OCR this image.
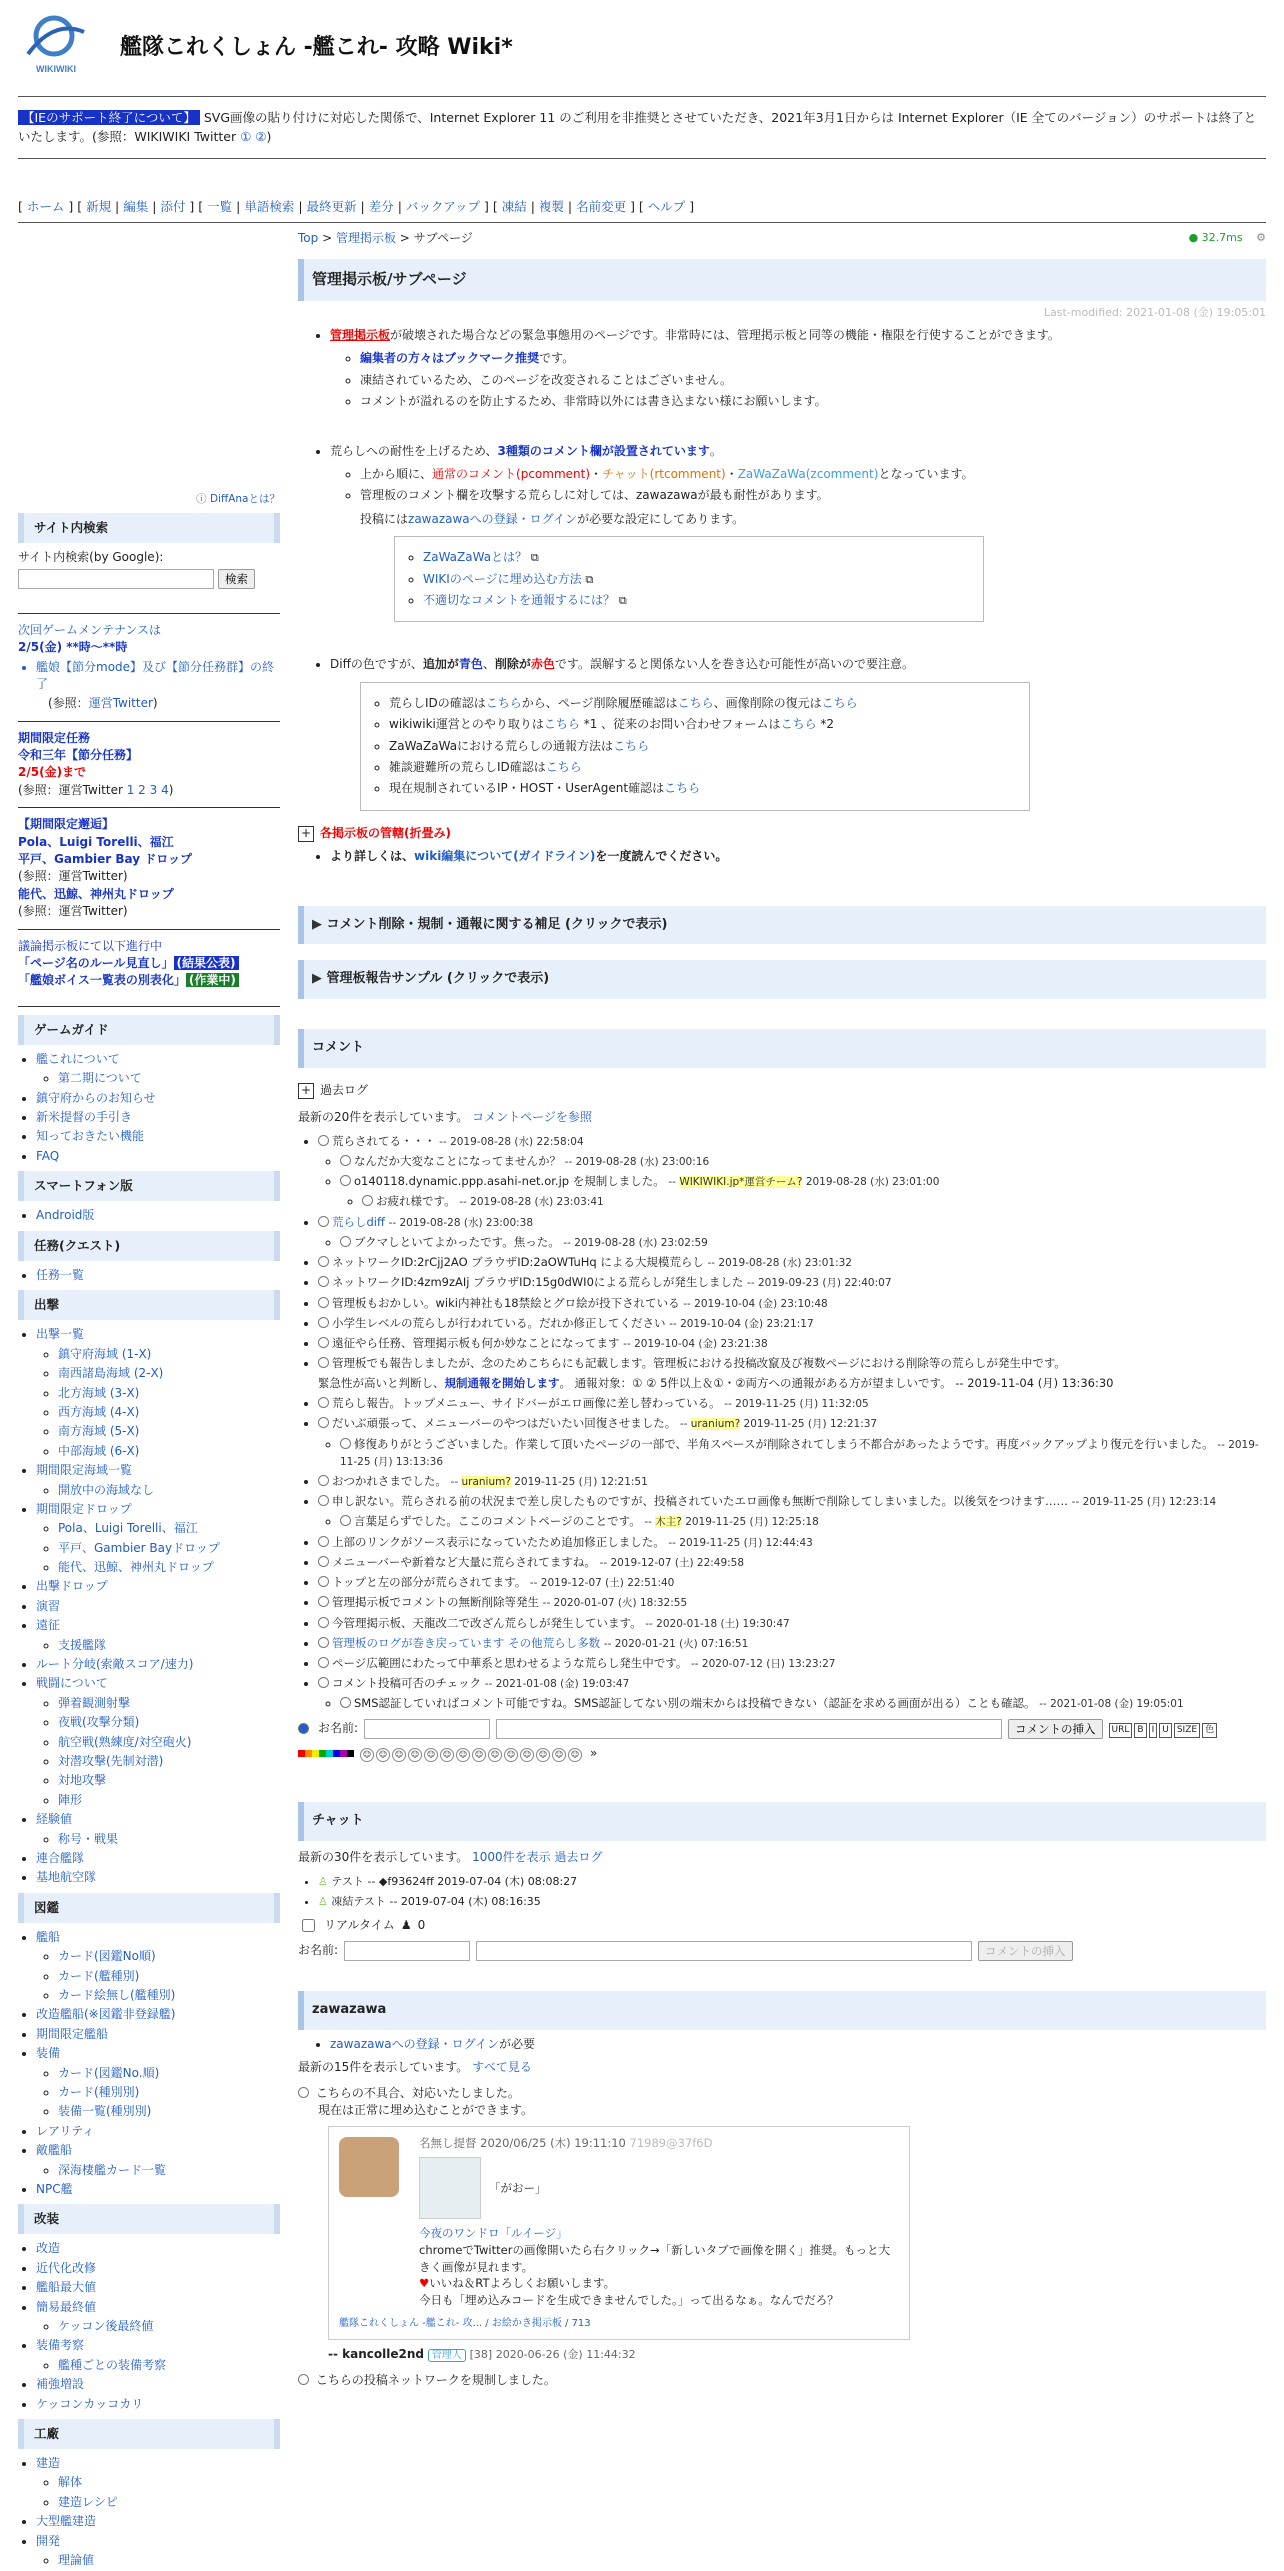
WIKIWIKI
艦隊これくしょん -艦これ- 攻略 Wiki*
【IEのサポート終了について】 SVG画像の貼り付けに対応した関係で、Internet Explorer 11 のご利用を非推奨とさせていただき、2021年3月1日からは Internet Explorer（IE 全てのバージョン）のサポートは終了といたします。(参照：WIKIWIKI Twitter ① ②)
[ ホーム ] [ 新規 | 編集 | 添付 ] [ 一覧 | 単語検索 | 最終更新 | 差分 | バックアップ ] [ 凍結 | 複製 | 名前変更 ] [ ヘルプ ]
ⓘ DiffAnaとは？
サイト内検索
サイト内検索(by Google):
検索
次回ゲームメンテナンスは
2/5(金) **時～**時
• 艦娘【節分mode】及び【節分任務群】の終了
(参照：運営Twitter)
期間限定任務
令和三年【節分任務】
2/5(金)まで
(参照：運営Twitter 1 2 3 4)
【期間限定邂逅】
Pola、Luigi Torelli、福江
平戸、Gambier Bay ドロップ
(参照：運営Twitter)
能代、迅鯨、神州丸ドロップ
(参照：運営Twitter)
議論掲示板にて以下進行中
「ページ名のルール見直し」 (結果公表)
「艦娘ボイス一覧表の別表化」 (作業中)
ゲームガイド
• 艦これについて
◦ 第二期について
• 鎮守府からのお知らせ
• 新米提督の手引き
• 知っておきたい機能
• FAQ
スマートフォン版
• Android版
任務(クエスト)
• 任務一覧
出撃
• 出撃一覧
◦ 鎮守府海域 (1-X)
◦ 南西諸島海域 (2-X)
◦ 北方海域 (3-X)
◦ 西方海域 (4-X)
◦ 南方海域 (5-X)
◦ 中部海域 (6-X)
• 期間限定海域一覧
◦ 開放中の海域なし
• 期間限定ドロップ
◦ Pola、Luigi Torelli、福江
◦ 平戸、Gambier Bayドロップ
◦ 能代、迅鯨、神州丸ドロップ
• 出撃ドロップ
• 演習
• 遠征
◦ 支援艦隊
• ルート分岐(索敵スコア/速力)
• 戦闘について
◦ 弾着観測射撃
◦ 夜戦(攻撃分類)
◦ 航空戦(熟練度/対空砲火)
◦ 対潜攻撃(先制対潜)
◦ 対地攻撃
◦ 陣形
• 経験値
◦ 称号・戦果
• 連合艦隊
• 基地航空隊
図鑑
• 艦船
◦ カード(図鑑No順)
◦ カード(艦種別)
◦ カード絵無し(艦種別)
• 改造艦船(※図鑑非登録艦)
• 期間限定艦船
• 装備
◦ カード(図鑑No.順)
◦ カード(種別別)
◦ 装備一覧(種別別)
• レアリティ
• 敵艦船
◦ 深海棲艦カード一覧
• NPC艦
改装
• 改造
• 近代化改修
• 艦船最大値
• 簡易最終値
◦ ケッコン後最終値
• 装備考察
◦ 艦種ごとの装備考察
• 補強増設
• ケッコンカッコカリ
工廠
• 建造
◦ 解体
◦ 建造レシピ
• 大型艦建造
• 開発
◦ 理論値
Top > 管理掲示板 > サブページ	● 32.7ms ⚙
管理掲示板/サブページ
Last-modified: 2021-01-08 (金) 19:05:01
• 管理掲示板が破壊された場合などの緊急事態用のページです。非常時には、管理掲示板と同等の機能・権限を行使することができます。
◦ 編集者の方々はブックマーク推奨です。
◦ 凍結されているため、このページを改変されることはございません。
◦ コメントが溢れるのを防止するため、非常時以外には書き込まない様にお願いします。
• 荒らしへの耐性を上げるため、3種類のコメント欄が設置されています。
◦ 上から順に、通常のコメント(pcomment)・チャット(rtcomment)・ZaWaZaWa(zcomment)となっています。
◦ 管理板のコメント欄を攻撃する荒らしに対しては、zawazawaが最も耐性があります。
投稿にはzawazawaへの登録・ログインが必要な設定にしてあります。
◦ ZaWaZaWaとは？ ⧉
◦ WIKIのページに埋め込む方法 ⧉
◦ 不適切なコメントを通報するには？ ⧉
• Diffの色ですが、追加が青色、削除が赤色です。誤解すると関係ない人を巻き込む可能性が高いので要注意。
◦ 荒らしIDの確認はこちらから、ページ削除履歴確認はこちら、画像削除の復元はこちら
◦ wikiwiki運営とのやり取りはこちら *1 、従来のお問い合わせフォームはこちら *2
◦ ZaWaZaWaにおける荒らしの通報方法はこちら
◦ 雑談避難所の荒らしID確認はこちら
◦ 現在規制されているIP・HOST・UserAgent確認はこちら
+ 各掲示板の管轄(折畳み)
• より詳しくは、wiki編集について(ガイドライン)を一度読んでください。
▶ コメント削除・規制・通報に関する補足 (クリックで表示)
▶ 管理板報告サンプル (クリックで表示)
コメント
+ 過去ログ
最新の20件を表示しています。 コメントページを参照
• 荒らされてる・・・ -- 2019-08-28 (水) 22:58:04
◦ なんだか大変なことになってませんか？ -- 2019-08-28 (水) 23:00:16
◦ o140118.dynamic.ppp.asahi-net.or.jp を規制しました。 -- WIKIWIKI.jp*運営チーム? 2019-08-28 (水) 23:01:00
◦ お疲れ様です。 -- 2019-08-28 (水) 23:03:41
• 荒らしdiff -- 2019-08-28 (水) 23:00:38
◦ ブクマしといてよかったです。焦った。 -- 2019-08-28 (水) 23:02:59
• ネットワークID:2rCjj2AO ブラウザID:2aOWTuHq による大規模荒らし -- 2019-08-28 (水) 23:01:32
• ネットワークID:4zm9zAIj ブラウザID:15g0dWI0による荒らしが発生しました -- 2019-09-23 (月) 22:40:07
• 管理板もおかしい。wiki内神社も18禁絵とグロ絵が投下されている -- 2019-10-04 (金) 23:10:48
• 小学生レベルの荒らしが行われている。だれか修正してください -- 2019-10-04 (金) 23:21:17
• 遠征やら任務、管理掲示板も何か妙なことになってます -- 2019-10-04 (金) 23:21:38
• 管理板でも報告しましたが、念のためこちらにも記載します。管理板における投稿改竄及び複数ページにおける削除等の荒らしが発生中です。
緊急性が高いと判断し、規制通報を開始します。 通報対象：① ② 5件以上＆①・②両方への通報がある方が望ましいです。 -- 2019-11-04 (月) 13:36:30
• 荒らし報告。トップメニュー、サイドバーがエロ画像に差し替わっている。 -- 2019-11-25 (月) 11:32:05
• だいぶ頑張って、メニューバーのやつはだいたい回復させました。 -- uranium? 2019-11-25 (月) 12:21:37
◦ 修復ありがとうございました。作業して頂いたページの一部で、半角スペースが削除されてしまう不都合があったようです。再度バックアップより復元を行いました。 -- 2019-11-25 (月) 13:13:36
• おつかれさまでした。 -- uranium? 2019-11-25 (月) 12:21:51
• 申し訳ない。荒らされる前の状況まで差し戻したものですが、投稿されていたエロ画像も無断で削除してしまいました。以後気をつけます…… -- 2019-11-25 (月) 12:23:14
◦ 言葉足らずでした。ここのコメントページのことです。 -- 木主? 2019-11-25 (月) 12:25:18
• 上部のリンクがソース表示になっていたため追加修正しました。 -- 2019-11-25 (月) 12:44:43
• メニューバーや新着など大量に荒らされてますね。 -- 2019-12-07 (土) 22:49:58
• トップと左の部分が荒らされてます。 -- 2019-12-07 (土) 22:51:40
• 管理掲示板でコメントの無断削除等発生 -- 2020-01-07 (火) 18:32:55
• 今管理掲示板、天龍改二で改ざん荒らしが発生しています。 -- 2020-01-18 (土) 19:30:47
• 管理板のログが巻き戻っています その他荒らし多数 -- 2020-01-21 (火) 07:16:51
• ページ広範囲にわたって中華系と思わせるような荒らし発生中です。 -- 2020-07-12 (日) 13:23:27
• コメント投稿可否のチェック -- 2021-01-08 (金) 19:03:47
◦ SMS認証していればコメント可能ですね。SMS認証してない別の端末からは投稿できない（認証を求める画面が出る）ことも確認。 -- 2021-01-08 (金) 19:05:01
お名前:	コメントの挿入	URL B I U SIZE 色
☺ ☺ ☺ ☺ ☺ ☺ ☺ ☺ ☺ ☺ ☺ ☺ ☺ ☺ »
チャット
最新の30件を表示しています。 1000件を表示 過去ログ
• ♙ テスト -- ◆f93624ff 2019-07-04 (木) 08:08:27
• ♙ 凍結テスト -- 2019-07-04 (木) 08:16:35
リアルタイム ♟ 0
お名前:	コメントの挿入
zawazawa
• zawazawaへの登録・ログインが必要
最新の15件を表示しています。 すべて見る
こちらの不具合、対応いたしました。
現在は正常に埋め込むことができます。
名無し提督 2020/06/25 (木) 19:11:10 71989@37f6D
「がおー」
今夜のワンドロ「ルイージ」
chromeでTwitterの画像開いたら右クリック→「新しいタブで画像を開く」推奨。もっと大きく画像が見れます。
♥いいね＆RTよろしくお願いします。
今日も「埋め込みコードを生成できませんでした。」って出るなぁ。なんでだろ？
艦隊これくしょん -艦これ- 攻... / お絵かき掲示板 / 713
-- kancolle2nd 管理人 [38] 2020-06-26 (金) 11:44:32
こちらの投稿ネットワークを規制しました。
